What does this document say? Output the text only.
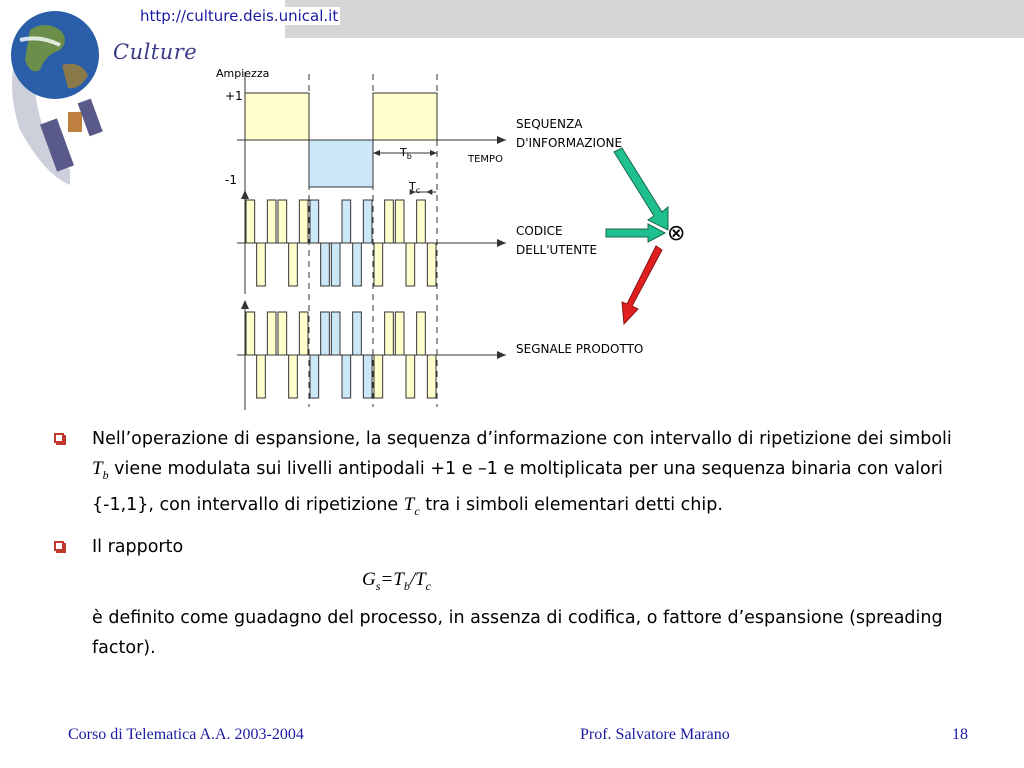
http://culture.deis.unical.it
Culture
Ampiezza
+1
-1
TEMPO
$T_b$
$T_c$
SEQUENZA
D'INFORMAZIONE
CODICE
DELL'UTENTE
SEGNALE PRODOTTO
⊗
Nell’operazione di espansione, la sequenza d’informazione con intervallo di ripetizione dei simboli $T_b$ viene modulata sui livelli antipodali +1 e –1 e moltiplicata per una sequenza binaria con valori {-1,1}, con intervallo di ripetizione $T_c$ tra i simboli elementari detti chip.
Il rapporto
$G_s=T_b/T_c$
è definito come guadagno del processo, in assenza di codifica, o fattore d’espansione (spreading factor).
Corso di Telematica A.A. 2003-2004	Prof. Salvatore Marano	18
